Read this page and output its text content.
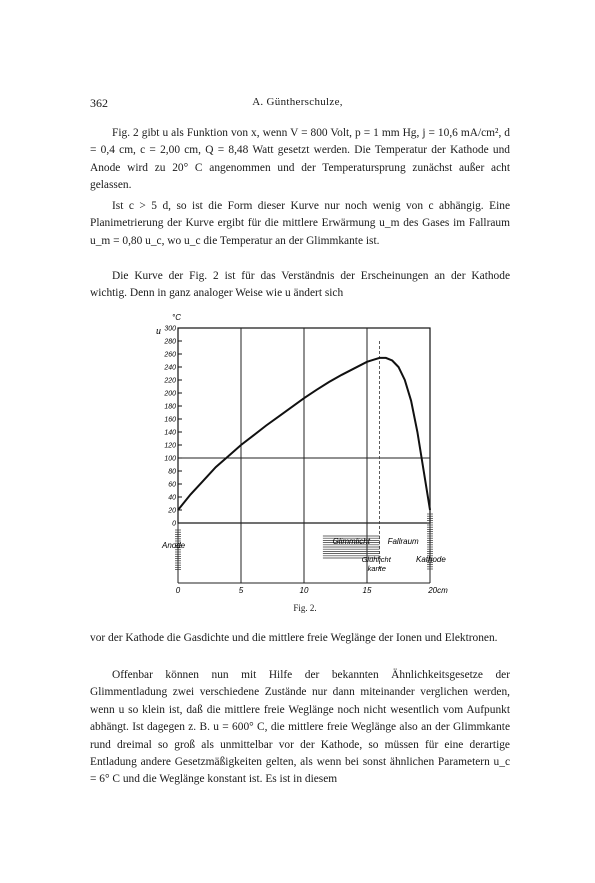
362	A. Güntherschulze,

Fig. 2 gibt u als Funktion von x, wenn V = 800 Volt, p = 1 mm Hg, j = 10,6 mA/cm², d = 0,4 cm, c = 2,00 cm, Q = 8,48 Watt gesetzt werden. Die Temperatur der Kathode und Anode wird zu 20° C angenommen und der Temperatursprung zunächst außer acht gelassen.

Ist c > 5 d, so ist die Form dieser Kurve nur noch wenig von c abhängig. Eine Planimetrierung der Kurve ergibt für die mittlere Erwärmung u_m des Gases im Fallraum u_m = 0,80 u_c, wo u_c die Temperatur an der Glimmkante ist.

Die Kurve der Fig. 2 ist für das Verständnis der Erscheinungen an der Kathode wichtig. Denn in ganz analoger Weise wie u ändert sich

0
20
40
60
80
100
120
140
160
180
200
220
240
260
280
300
0	5	10	15	20cm
°C
u
Anode	Glimmlicht Fallraum
Glühlicht kante
Kathode
Fig. 2.

vor der Kathode die Gasdichte und die mittlere freie Weglänge der Ionen und Elektronen.

Offenbar können nun mit Hilfe der bekannten Ähnlichkeitsgesetze der Glimmentladung zwei verschiedene Zustände nur dann miteinander verglichen werden, wenn u so klein ist, daß die mittlere freie Weglänge noch nicht wesentlich vom Aufpunkt abhängt. Ist dagegen z. B. u = 600° C, die mittlere freie Weglänge also an der Glimmkante rund dreimal so groß als unmittelbar vor der Kathode, so müssen für eine derartige Entladung andere Gesetzmäßigkeiten gelten, als wenn bei sonst ähnlichen Parametern u_c = 6° C und die Weglänge konstant ist. Es ist in diesem
